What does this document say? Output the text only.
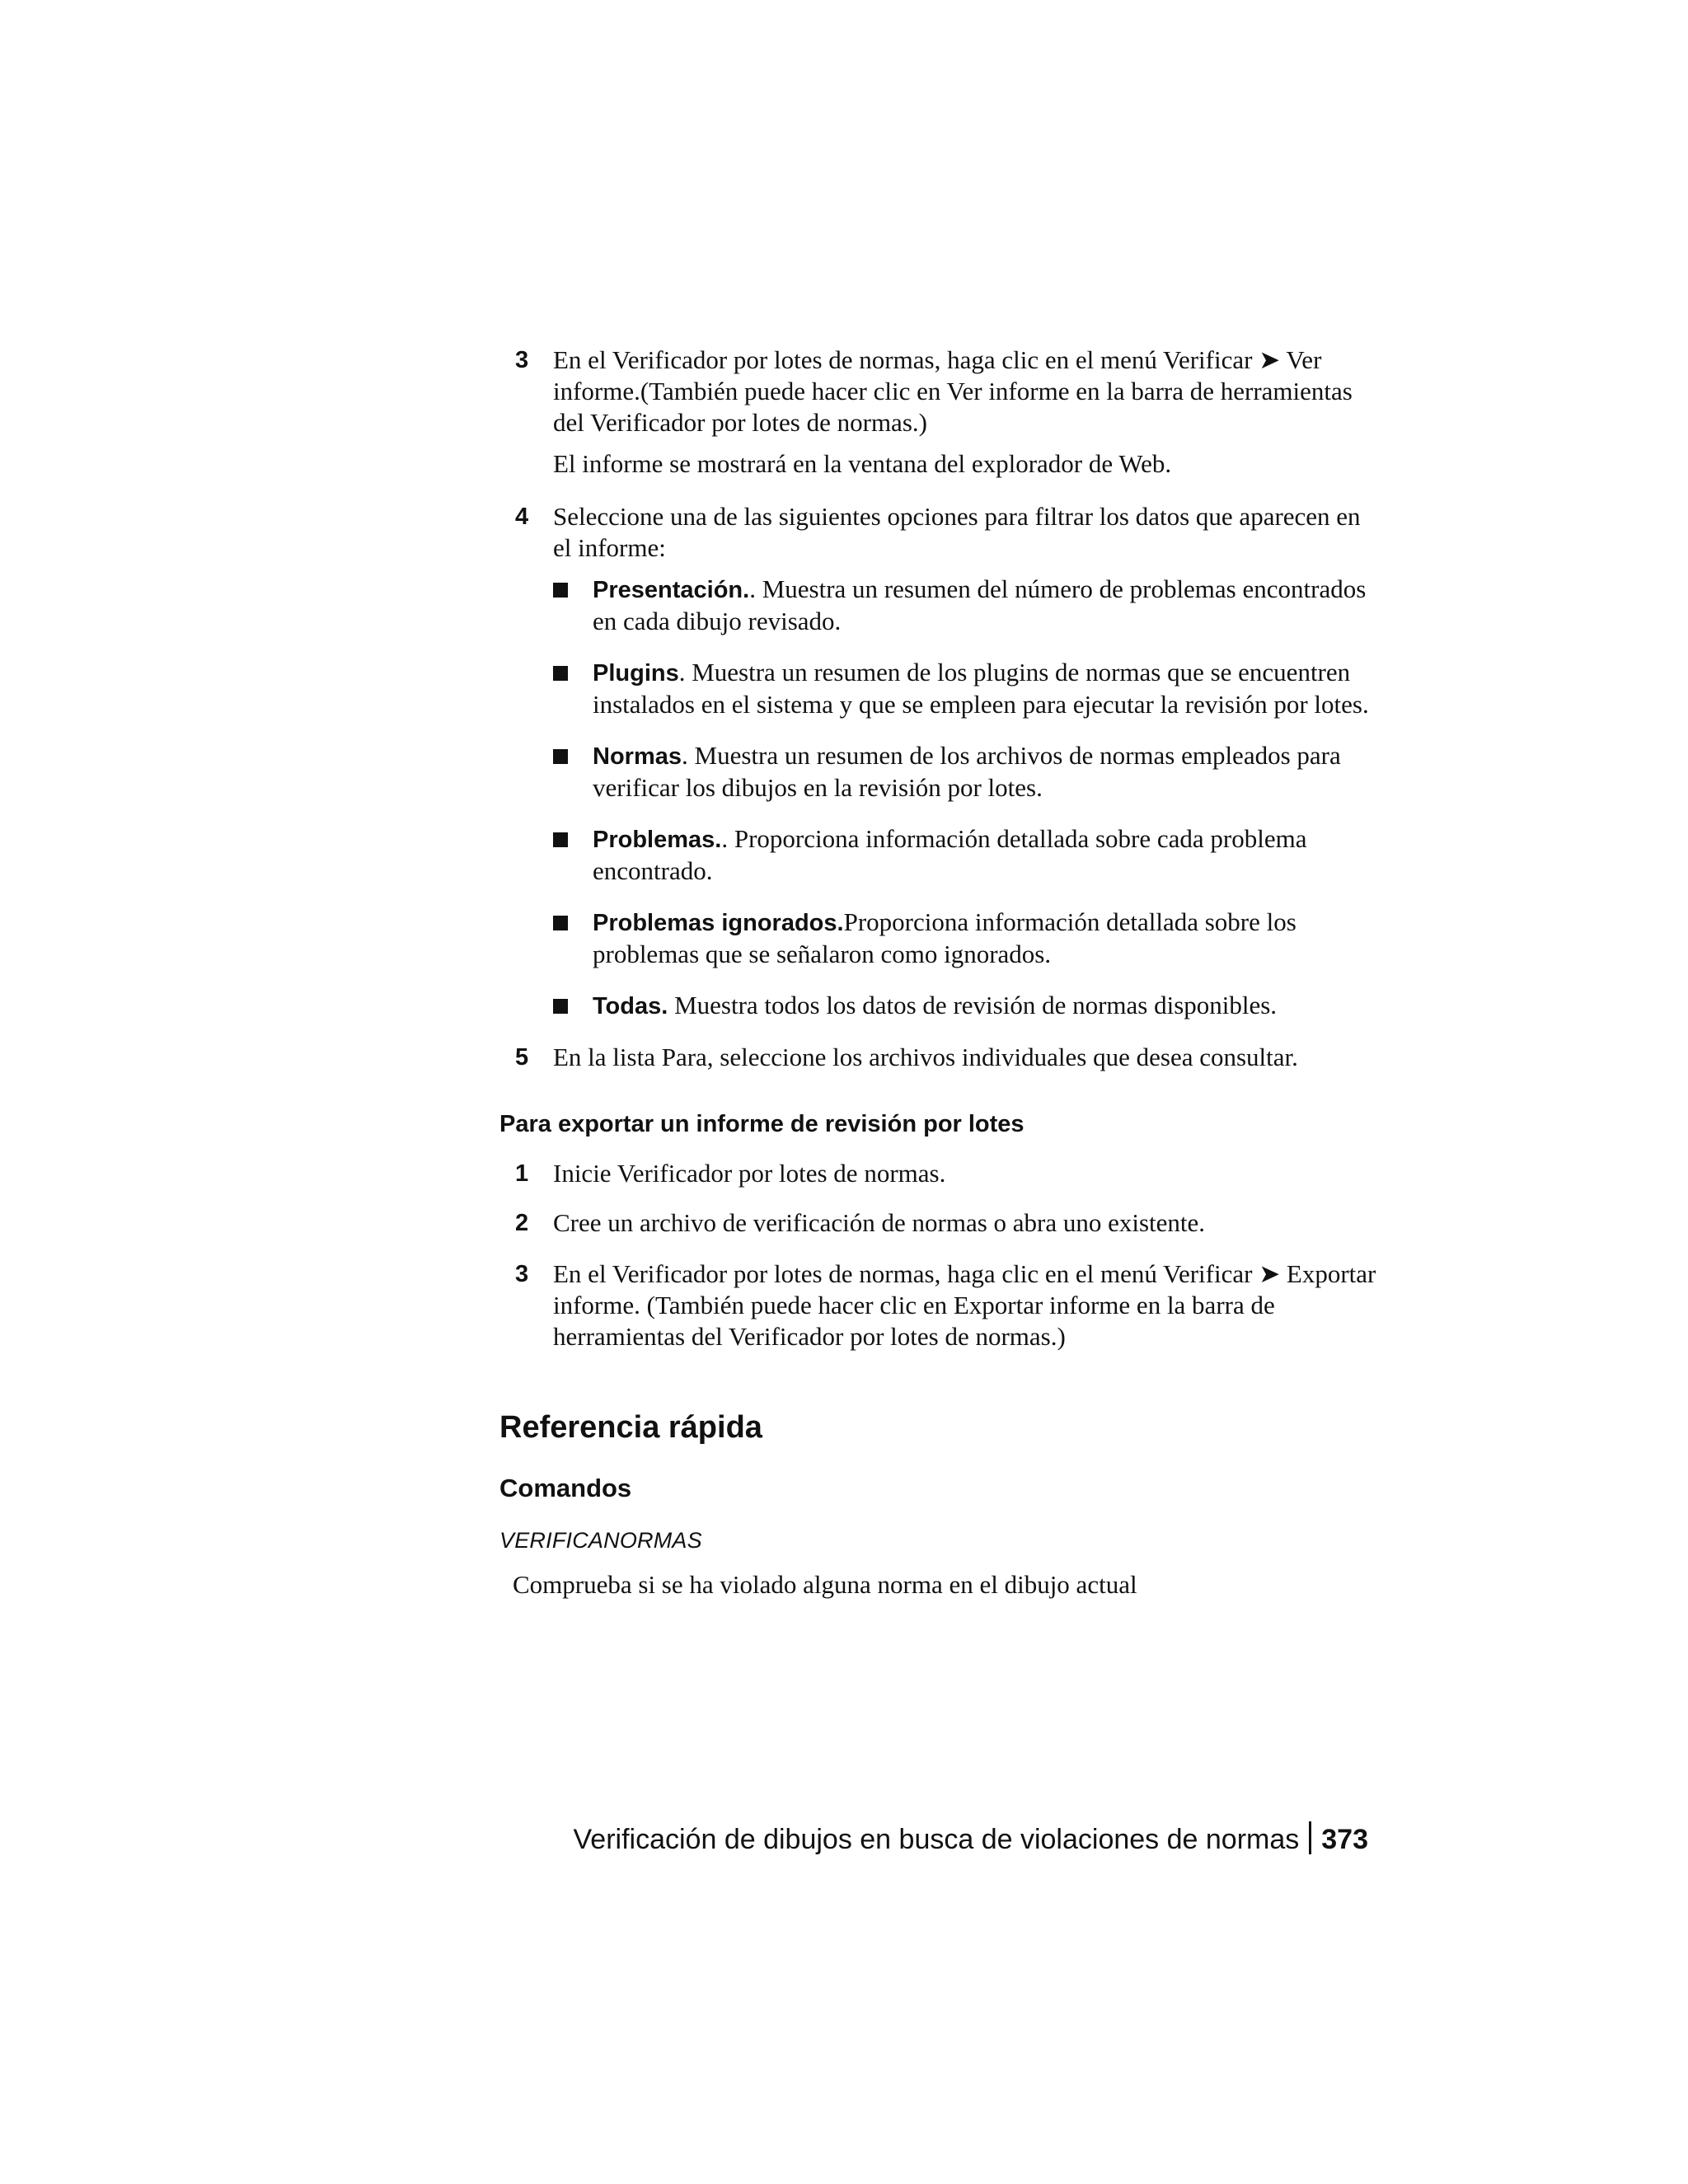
3 En el Verificador por lotes de normas, haga clic en el menú Verificar ➤ Ver informe.(También puede hacer clic en Ver informe en la barra de herramientas del Verificador por lotes de normas.)

El informe se mostrará en la ventana del explorador de Web.

4 Seleccione una de las siguientes opciones para filtrar los datos que aparecen en el informe:

Presentación.. Muestra un resumen del número de problemas encontrados en cada dibujo revisado.
Plugins. Muestra un resumen de los plugins de normas que se encuentren instalados en el sistema y que se empleen para ejecutar la revisión por lotes.
Normas. Muestra un resumen de los archivos de normas empleados para verificar los dibujos en la revisión por lotes.
Problemas.. Proporciona información detallada sobre cada problema encontrado.
Problemas ignorados.Proporciona información detallada sobre los problemas que se señalaron como ignorados.
Todas. Muestra todos los datos de revisión de normas disponibles.
5 En la lista Para, seleccione los archivos individuales que desea consultar.

Para exportar un informe de revisión por lotes

1 Inicie Verificador por lotes de normas.

2 Cree un archivo de verificación de normas o abra uno existente.

3 En el Verificador por lotes de normas, haga clic en el menú Verificar ➤ Exportar informe. (También puede hacer clic en Exportar informe en la barra de herramientas del Verificador por lotes de normas.)

Referencia rápida

Comandos

VERIFICANORMAS

Comprueba si se ha violado alguna norma en el dibujo actual

Verificación de dibujos en busca de violaciones de normas 373
